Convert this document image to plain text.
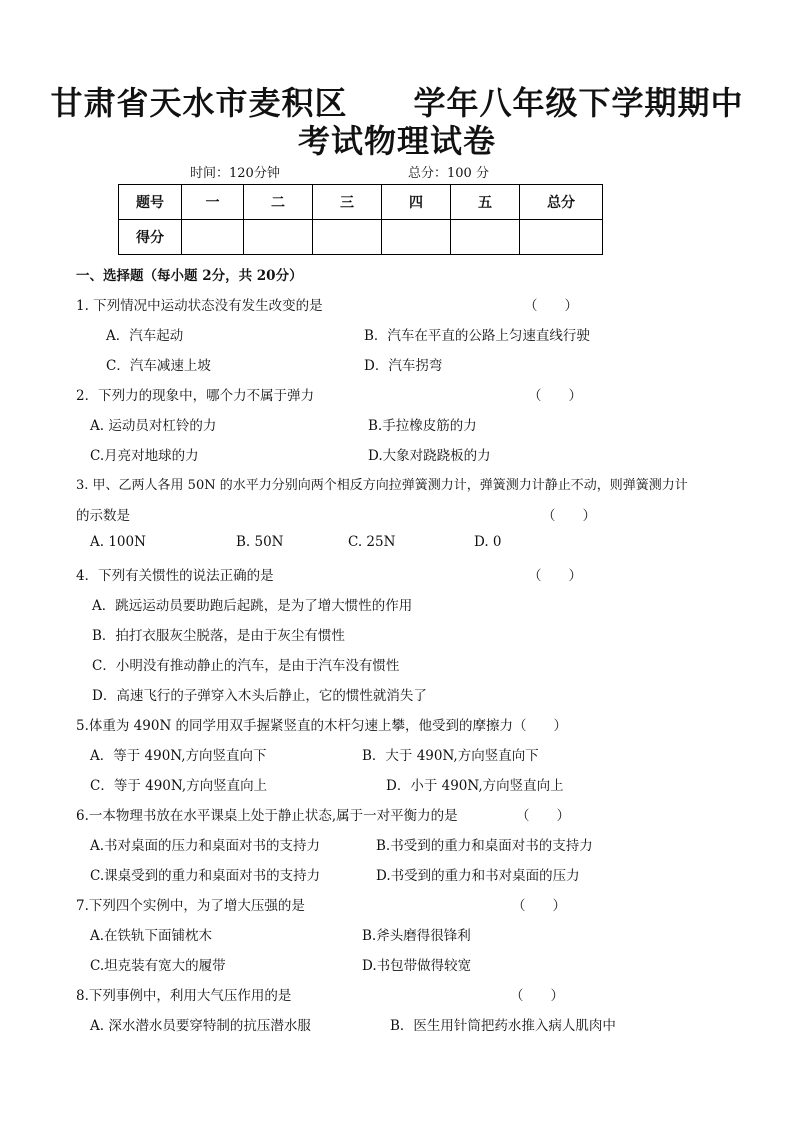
甘肃省天水市麦积区　　学年八年级下学期期中
考试物理试卷
时间：120分钟	总分：100 分
题号	一	二	三	四	五	总分
得分						
一、选择题（每小题 2分，共 20分）
1. 下列情况中运动状态没有发生改变的是	（　　）
A．汽车起动	B．汽车在平直的公路上匀速直线行驶
C．汽车减速上坡	D．汽车拐弯
2．下列力的现象中，哪个力不属于弹力	（　　）
A. 运动员对杠铃的力	B.手拉橡皮筋的力
C.月亮对地球的力	D.大象对跷跷板的力
3. 甲、乙两人各用 50N 的水平力分别向两个相反方向拉弹簧测力计，弹簧测力计静止不动，则弹簧测力计
的示数是	（　　）
A. 100N	B. 50N	C. 25N	D. 0
4．下列有关惯性的说法正确的是	（　　）
A．跳远运动员要助跑后起跳，是为了增大惯性的作用
B．拍打衣服灰尘脱落，是由于灰尘有惯性
C．小明没有推动静止的汽车，是由于汽车没有惯性
D．高速飞行的子弹穿入木头后静止，它的惯性就消失了
5.体重为 490N 的同学用双手握紧竖直的木杆匀速上攀，他受到的摩擦力（　　）
A．等于 490N,方向竖直向下	B．大于 490N,方向竖直向下
C．等于 490N,方向竖直向上	D．小于 490N,方向竖直向上
6.一本物理书放在水平课桌上处于静止状态,属于一对平衡力的是	（　　）
A.书对桌面的压力和桌面对书的支持力	B.书受到的重力和桌面对书的支持力
C.课桌受到的重力和桌面对书的支持力	D.书受到的重力和书对桌面的压力
7.下列四个实例中，为了增大压强的是	（　　）
A.在铁轨下面铺枕木	B.斧头磨得很锋利
C.坦克装有宽大的履带	D.书包带做得较宽
8.下列事例中，利用大气压作用的是	（　　）
A. 深水潜水员要穿特制的抗压潜水服	B．医生用针筒把药水推入病人肌肉中
